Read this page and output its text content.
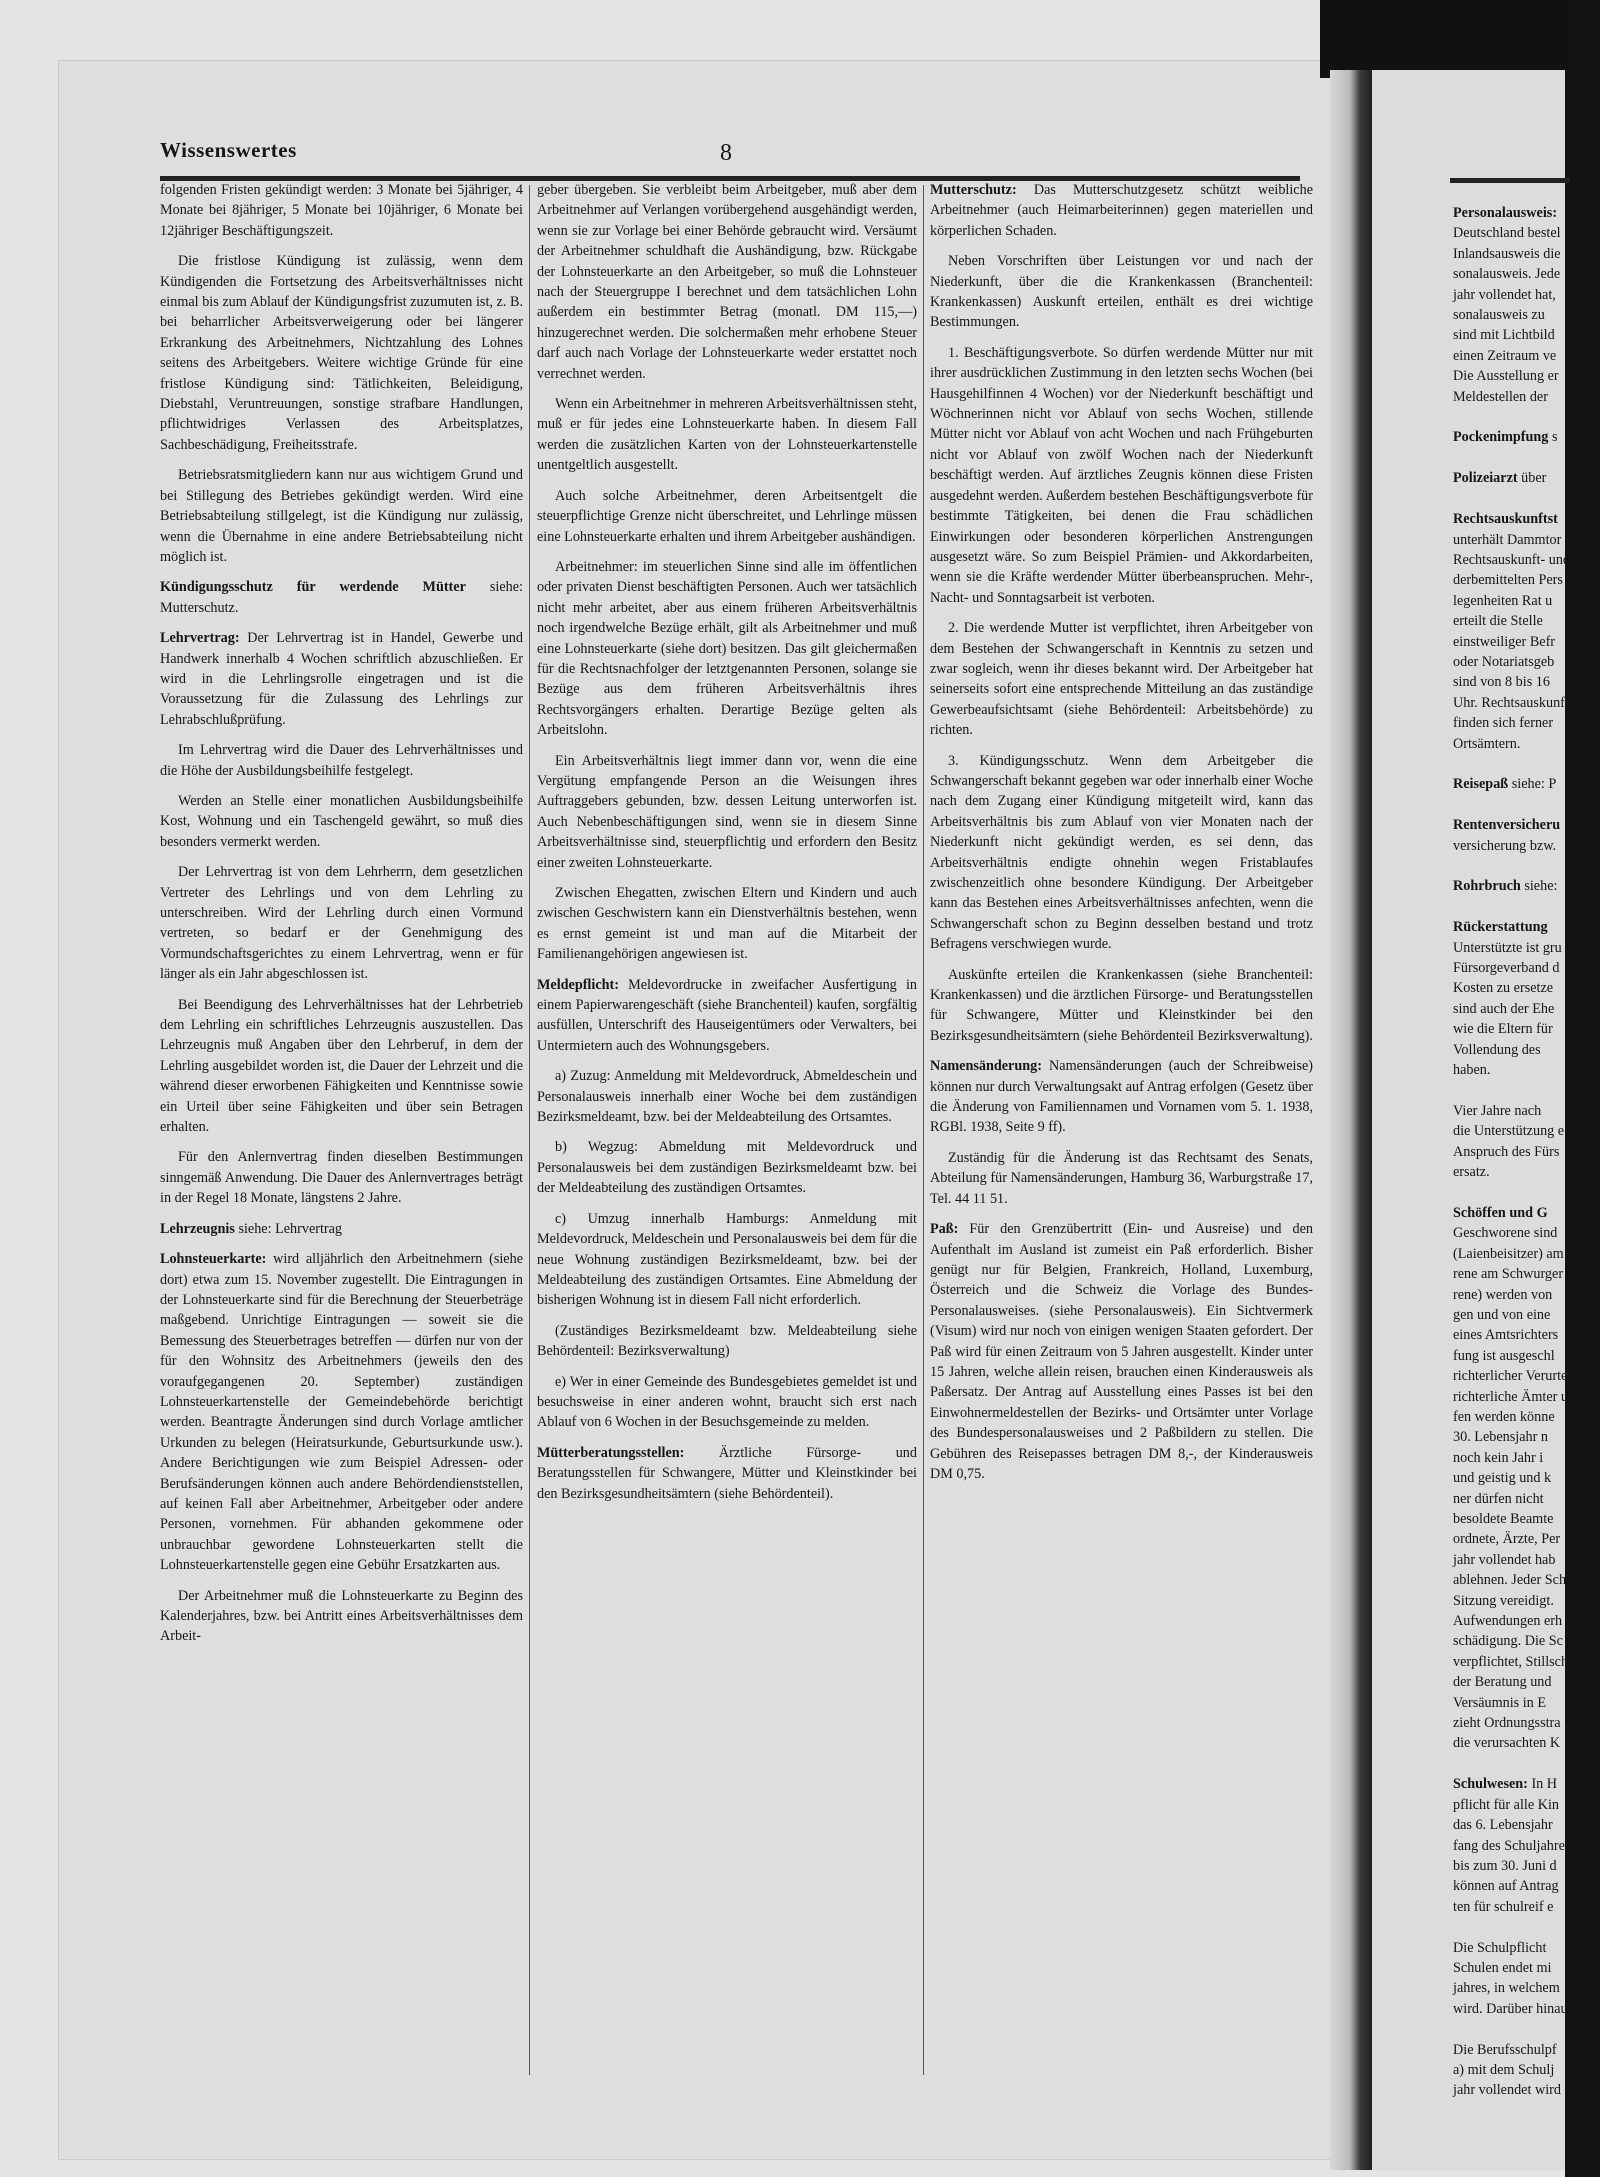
Wissenswertes	8

folgenden Fristen gekündigt werden: 3 Monate bei 5jähriger, 4 Monate bei 8jähriger, 5 Monate bei 10jähriger, 6 Monate bei 12jähriger Beschäftigungszeit.

Die fristlose Kündigung ist zulässig, wenn dem Kündigenden die Fortsetzung des Arbeitsverhältnisses nicht einmal bis zum Ablauf der Kündigungsfrist zuzumuten ist, z. B. bei beharrlicher Arbeitsverweigerung oder bei längerer Erkrankung des Arbeitnehmers, Nichtzahlung des Lohnes seitens des Arbeitgebers. Weitere wichtige Gründe für eine fristlose Kündigung sind: Tätlichkeiten, Beleidigung, Diebstahl, Veruntreuungen, sonstige strafbare Handlungen, pflichtwidriges Verlassen des Arbeitsplatzes, Sachbeschädigung, Freiheitsstrafe.

Betriebsratsmitgliedern kann nur aus wichtigem Grund und bei Stillegung des Betriebes gekündigt werden. Wird eine Betriebsabteilung stillgelegt, ist die Kündigung nur zulässig, wenn die Übernahme in eine andere Betriebsabteilung nicht möglich ist.

Kündigungsschutz für werdende Mütter siehe: Mutterschutz.

Lehrvertrag: Der Lehrvertrag ist in Handel, Gewerbe und Handwerk innerhalb 4 Wochen schriftlich abzuschließen. Er wird in die Lehrlingsrolle eingetragen und ist die Voraussetzung für die Zulassung des Lehrlings zur Lehrabschlußprüfung.

Im Lehrvertrag wird die Dauer des Lehrverhältnisses und die Höhe der Ausbildungsbeihilfe festgelegt.

Werden an Stelle einer monatlichen Ausbildungsbeihilfe Kost, Wohnung und ein Taschengeld gewährt, so muß dies besonders vermerkt werden.

Der Lehrvertrag ist von dem Lehrherrn, dem gesetzlichen Vertreter des Lehrlings und von dem Lehrling zu unterschreiben. Wird der Lehrling durch einen Vormund vertreten, so bedarf er der Genehmigung des Vormundschaftsgerichtes zu einem Lehrvertrag, wenn er für länger als ein Jahr abgeschlossen ist.

Bei Beendigung des Lehrverhältnisses hat der Lehrbetrieb dem Lehrling ein schriftliches Lehrzeugnis auszustellen. Das Lehrzeugnis muß Angaben über den Lehrberuf, in dem der Lehrling ausgebildet worden ist, die Dauer der Lehrzeit und die während dieser erworbenen Fähigkeiten und Kenntnisse sowie ein Urteil über seine Fähigkeiten und über sein Betragen erhalten.

Für den Anlernvertrag finden dieselben Bestimmungen sinngemäß Anwendung. Die Dauer des Anlernvertrages beträgt in der Regel 18 Monate, längstens 2 Jahre.

Lehrzeugnis siehe: Lehrvertrag

Lohnsteuerkarte: wird alljährlich den Arbeitnehmern (siehe dort) etwa zum 15. November zugestellt. Die Eintragungen in der Lohnsteuerkarte sind für die Berechnung der Steuerbeträge maßgebend. Unrichtige Eintragungen — soweit sie die Bemessung des Steuerbetrages betreffen — dürfen nur von der für den Wohnsitz des Arbeitnehmers (jeweils den des voraufgegangenen 20. September) zuständigen Lohnsteuerkartenstelle der Gemeindebehörde berichtigt werden. Beantragte Änderungen sind durch Vorlage amtlicher Urkunden zu belegen (Heiratsurkunde, Geburtsurkunde usw.). Andere Berichtigungen wie zum Beispiel Adressen- oder Berufsänderungen können auch andere Behördendienststellen, auf keinen Fall aber Arbeitnehmer, Arbeitgeber oder andere Personen, vornehmen. Für abhanden gekommene oder unbrauchbar gewordene Lohnsteuerkarten stellt die Lohnsteuerkartenstelle gegen eine Gebühr Ersatzkarten aus.

Der Arbeitnehmer muß die Lohnsteuerkarte zu Beginn des Kalenderjahres, bzw. bei Antritt eines Arbeitsverhältnisses dem Arbeit-

geber übergeben. Sie verbleibt beim Arbeitgeber, muß aber dem Arbeitnehmer auf Verlangen vorübergehend ausgehändigt werden, wenn sie zur Vorlage bei einer Behörde gebraucht wird. Versäumt der Arbeitnehmer schuldhaft die Aushändigung, bzw. Rückgabe der Lohnsteuerkarte an den Arbeitgeber, so muß die Lohnsteuer nach der Steuergruppe I berechnet und dem tatsächlichen Lohn außerdem ein bestimmter Betrag (monatl. DM 115,—) hinzugerechnet werden. Die solchermaßen mehr erhobene Steuer darf auch nach Vorlage der Lohnsteuerkarte weder erstattet noch verrechnet werden.

Wenn ein Arbeitnehmer in mehreren Arbeitsverhältnissen steht, muß er für jedes eine Lohnsteuerkarte haben. In diesem Fall werden die zusätzlichen Karten von der Lohnsteuerkartenstelle unentgeltlich ausgestellt.

Auch solche Arbeitnehmer, deren Arbeitsentgelt die steuerpflichtige Grenze nicht überschreitet, und Lehrlinge müssen eine Lohnsteuerkarte erhalten und ihrem Arbeitgeber aushändigen.

Arbeitnehmer: im steuerlichen Sinne sind alle im öffentlichen oder privaten Dienst beschäftigten Personen. Auch wer tatsächlich nicht mehr arbeitet, aber aus einem früheren Arbeitsverhältnis noch irgendwelche Bezüge erhält, gilt als Arbeitnehmer und muß eine Lohnsteuerkarte (siehe dort) besitzen. Das gilt gleichermaßen für die Rechtsnachfolger der letztgenannten Personen, solange sie Bezüge aus dem früheren Arbeitsverhältnis ihres Rechtsvorgängers erhalten. Derartige Bezüge gelten als Arbeitslohn.

Ein Arbeitsverhältnis liegt immer dann vor, wenn die eine Vergütung empfangende Person an die Weisungen ihres Auftraggebers gebunden, bzw. dessen Leitung unterworfen ist. Auch Nebenbeschäftigungen sind, wenn sie in diesem Sinne Arbeitsverhältnisse sind, steuerpflichtig und erfordern den Besitz einer zweiten Lohnsteuerkarte.

Zwischen Ehegatten, zwischen Eltern und Kindern und auch zwischen Geschwistern kann ein Dienstverhältnis bestehen, wenn es ernst gemeint ist und man auf die Mitarbeit der Familienangehörigen angewiesen ist.

Meldepflicht: Meldevordrucke in zweifacher Ausfertigung in einem Papierwarengeschäft (siehe Branchenteil) kaufen, sorgfältig ausfüllen, Unterschrift des Hauseigentümers oder Verwalters, bei Untermietern auch des Wohnungsgebers.

a) Zuzug: Anmeldung mit Meldevordruck, Abmeldeschein und Personalausweis innerhalb einer Woche bei dem zuständigen Bezirksmeldeamt, bzw. bei der Meldeabteilung des Ortsamtes.

b) Wegzug: Abmeldung mit Meldevordruck und Personalausweis bei dem zuständigen Bezirksmeldeamt bzw. bei der Meldeabteilung des zuständigen Ortsamtes.

c) Umzug innerhalb Hamburgs: Anmeldung mit Meldevordruck, Meldeschein und Personalausweis bei dem für die neue Wohnung zuständigen Bezirksmeldeamt, bzw. bei der Meldeabteilung des zuständigen Ortsamtes. Eine Abmeldung der bisherigen Wohnung ist in diesem Fall nicht erforderlich.

(Zuständiges Bezirksmeldeamt bzw. Meldeabteilung siehe Behördenteil: Bezirksverwaltung)

e) Wer in einer Gemeinde des Bundesgebietes gemeldet ist und besuchsweise in einer anderen wohnt, braucht sich erst nach Ablauf von 6 Wochen in der Besuchsgemeinde zu melden.

Mütterberatungsstellen: Ärztliche Fürsorge- und Beratungsstellen für Schwangere, Mütter und Kleinstkinder bei den Bezirksgesundheitsämtern (siehe Behördenteil).

Mutterschutz: Das Mutterschutzgesetz schützt weibliche Arbeitnehmer (auch Heimarbeiterinnen) gegen materiellen und körperlichen Schaden.

Neben Vorschriften über Leistungen vor und nach der Niederkunft, über die die Krankenkassen (Branchenteil: Krankenkassen) Auskunft erteilen, enthält es drei wichtige Bestimmungen.

1. Beschäftigungsverbote. So dürfen werdende Mütter nur mit ihrer ausdrücklichen Zustimmung in den letzten sechs Wochen (bei Hausgehilfinnen 4 Wochen) vor der Niederkunft beschäftigt und Wöchnerinnen nicht vor Ablauf von sechs Wochen, stillende Mütter nicht vor Ablauf von acht Wochen und nach Frühgeburten nicht vor Ablauf von zwölf Wochen nach der Niederkunft beschäftigt werden. Auf ärztliches Zeugnis können diese Fristen ausgedehnt werden. Außerdem bestehen Beschäftigungsverbote für bestimmte Tätigkeiten, bei denen die Frau schädlichen Einwirkungen oder besonderen körperlichen Anstrengungen ausgesetzt wäre. So zum Beispiel Prämien- und Akkordarbeiten, wenn sie die Kräfte werdender Mütter überbeanspruchen. Mehr-, Nacht- und Sonntagsarbeit ist verboten.

2. Die werdende Mutter ist verpflichtet, ihren Arbeitgeber von dem Bestehen der Schwangerschaft in Kenntnis zu setzen und zwar sogleich, wenn ihr dieses bekannt wird. Der Arbeitgeber hat seinerseits sofort eine entsprechende Mitteilung an das zuständige Gewerbeaufsichtsamt (siehe Behördenteil: Arbeitsbehörde) zu richten.

3. Kündigungsschutz. Wenn dem Arbeitgeber die Schwangerschaft bekannt gegeben war oder innerhalb einer Woche nach dem Zugang einer Kündigung mitgeteilt wird, kann das Arbeitsverhältnis bis zum Ablauf von vier Monaten nach der Niederkunft nicht gekündigt werden, es sei denn, das Arbeitsverhältnis endigte ohnehin wegen Fristablaufes zwischenzeitlich ohne besondere Kündigung. Der Arbeitgeber kann das Bestehen eines Arbeitsverhältnisses anfechten, wenn die Schwangerschaft schon zu Beginn desselben bestand und trotz Befragens verschwiegen wurde.

Auskünfte erteilen die Krankenkassen (siehe Branchenteil: Krankenkassen) und die ärztlichen Fürsorge- und Beratungsstellen für Schwangere, Mütter und Kleinstkinder bei den Bezirksgesundheitsämtern (siehe Behördenteil Bezirksverwaltung).

Namensänderung: Namensänderungen (auch der Schreibweise) können nur durch Verwaltungsakt auf Antrag erfolgen (Gesetz über die Änderung von Familiennamen und Vornamen vom 5. 1. 1938, RGBl. 1938, Seite 9 ff).

Zuständig für die Änderung ist das Rechtsamt des Senats, Abteilung für Namensänderungen, Hamburg 36, Warburgstraße 17, Tel. 44 11 51.

Paß: Für den Grenzübertritt (Ein- und Ausreise) und den Aufenthalt im Ausland ist zumeist ein Paß erforderlich. Bisher genügt nur für Belgien, Frankreich, Holland, Luxemburg, Österreich und die Schweiz die Vorlage des Bundes-Personalausweises. (siehe Personalausweis). Ein Sichtvermerk (Visum) wird nur noch von einigen wenigen Staaten gefordert. Der Paß wird für einen Zeitraum von 5 Jahren ausgestellt. Kinder unter 15 Jahren, welche allein reisen, brauchen einen Kinderausweis als Paßersatz. Der Antrag auf Ausstellung eines Passes ist bei den Einwohnermeldestellen der Bezirks- und Ortsämter unter Vorlage des Bundespersonalausweises und 2 Paßbildern zu stellen. Die Gebühren des Reisepasses betragen DM 8,-, der Kinderausweis DM 0,75.

Personalausweis:

Deutschland bestel

Inlandsausweis die

sonalausweis. Jede

jahr vollendet hat,

sonalausweis zu

sind mit Lichtbild

einen Zeitraum ve

Die Ausstellung er

Meldestellen der

Pockenimpfung s

Polizeiarzt über

Rechtsauskunftst

unterhält Dammtor

Rechtsauskunft- und

derbemittelten Pers

legenheiten Rat u

erteilt die Stelle

einstweiliger Befr

oder Notariatsgeb

sind von 8 bis 16

Uhr. Rechtsauskunf

finden sich ferner

Ortsämtern.

Reisepaß siehe: P

Rentenversicheru

versicherung bzw.

Rohrbruch siehe:

Rückerstattung

Unterstützte ist gru

Fürsorgeverband d

Kosten zu ersetze

sind auch der Ehe

wie die Eltern für

Vollendung des

haben.

Vier Jahre nach

die Unterstützung e

Anspruch des Fürs

ersatz.

Schöffen und G

Geschworene sind

(Laienbeisitzer) am

rene am Schwurger

rene) werden von

gen und von eine

eines Amtsrichters

fung ist ausgeschl

richterlicher Verurte

richterliche Ämter unfäh

fen werden könne

30. Lebensjahr n

noch kein Jahr i

und geistig und k

ner dürfen nicht

besoldete Beamte

ordnete, Ärzte, Per

jahr vollendet hab

ablehnen. Jeder Sch

Sitzung vereidigt.

Aufwendungen erh

schädigung. Die Sc

verpflichtet, Stillsch

der Beratung und

Versäumnis in E

zieht Ordnungsstra

die verursachten K

Schulwesen: In H

pflicht für alle Kin

das 6. Lebensjahr

fang des Schuljahre

bis zum 30. Juni d

können auf Antrag

ten für schulreif e

Die Schulpflicht

Schulen endet mi

jahres, in welchem

wird. Darüber hinau

Die Berufsschulpf

a) mit dem Schulj

jahr vollendet wird
